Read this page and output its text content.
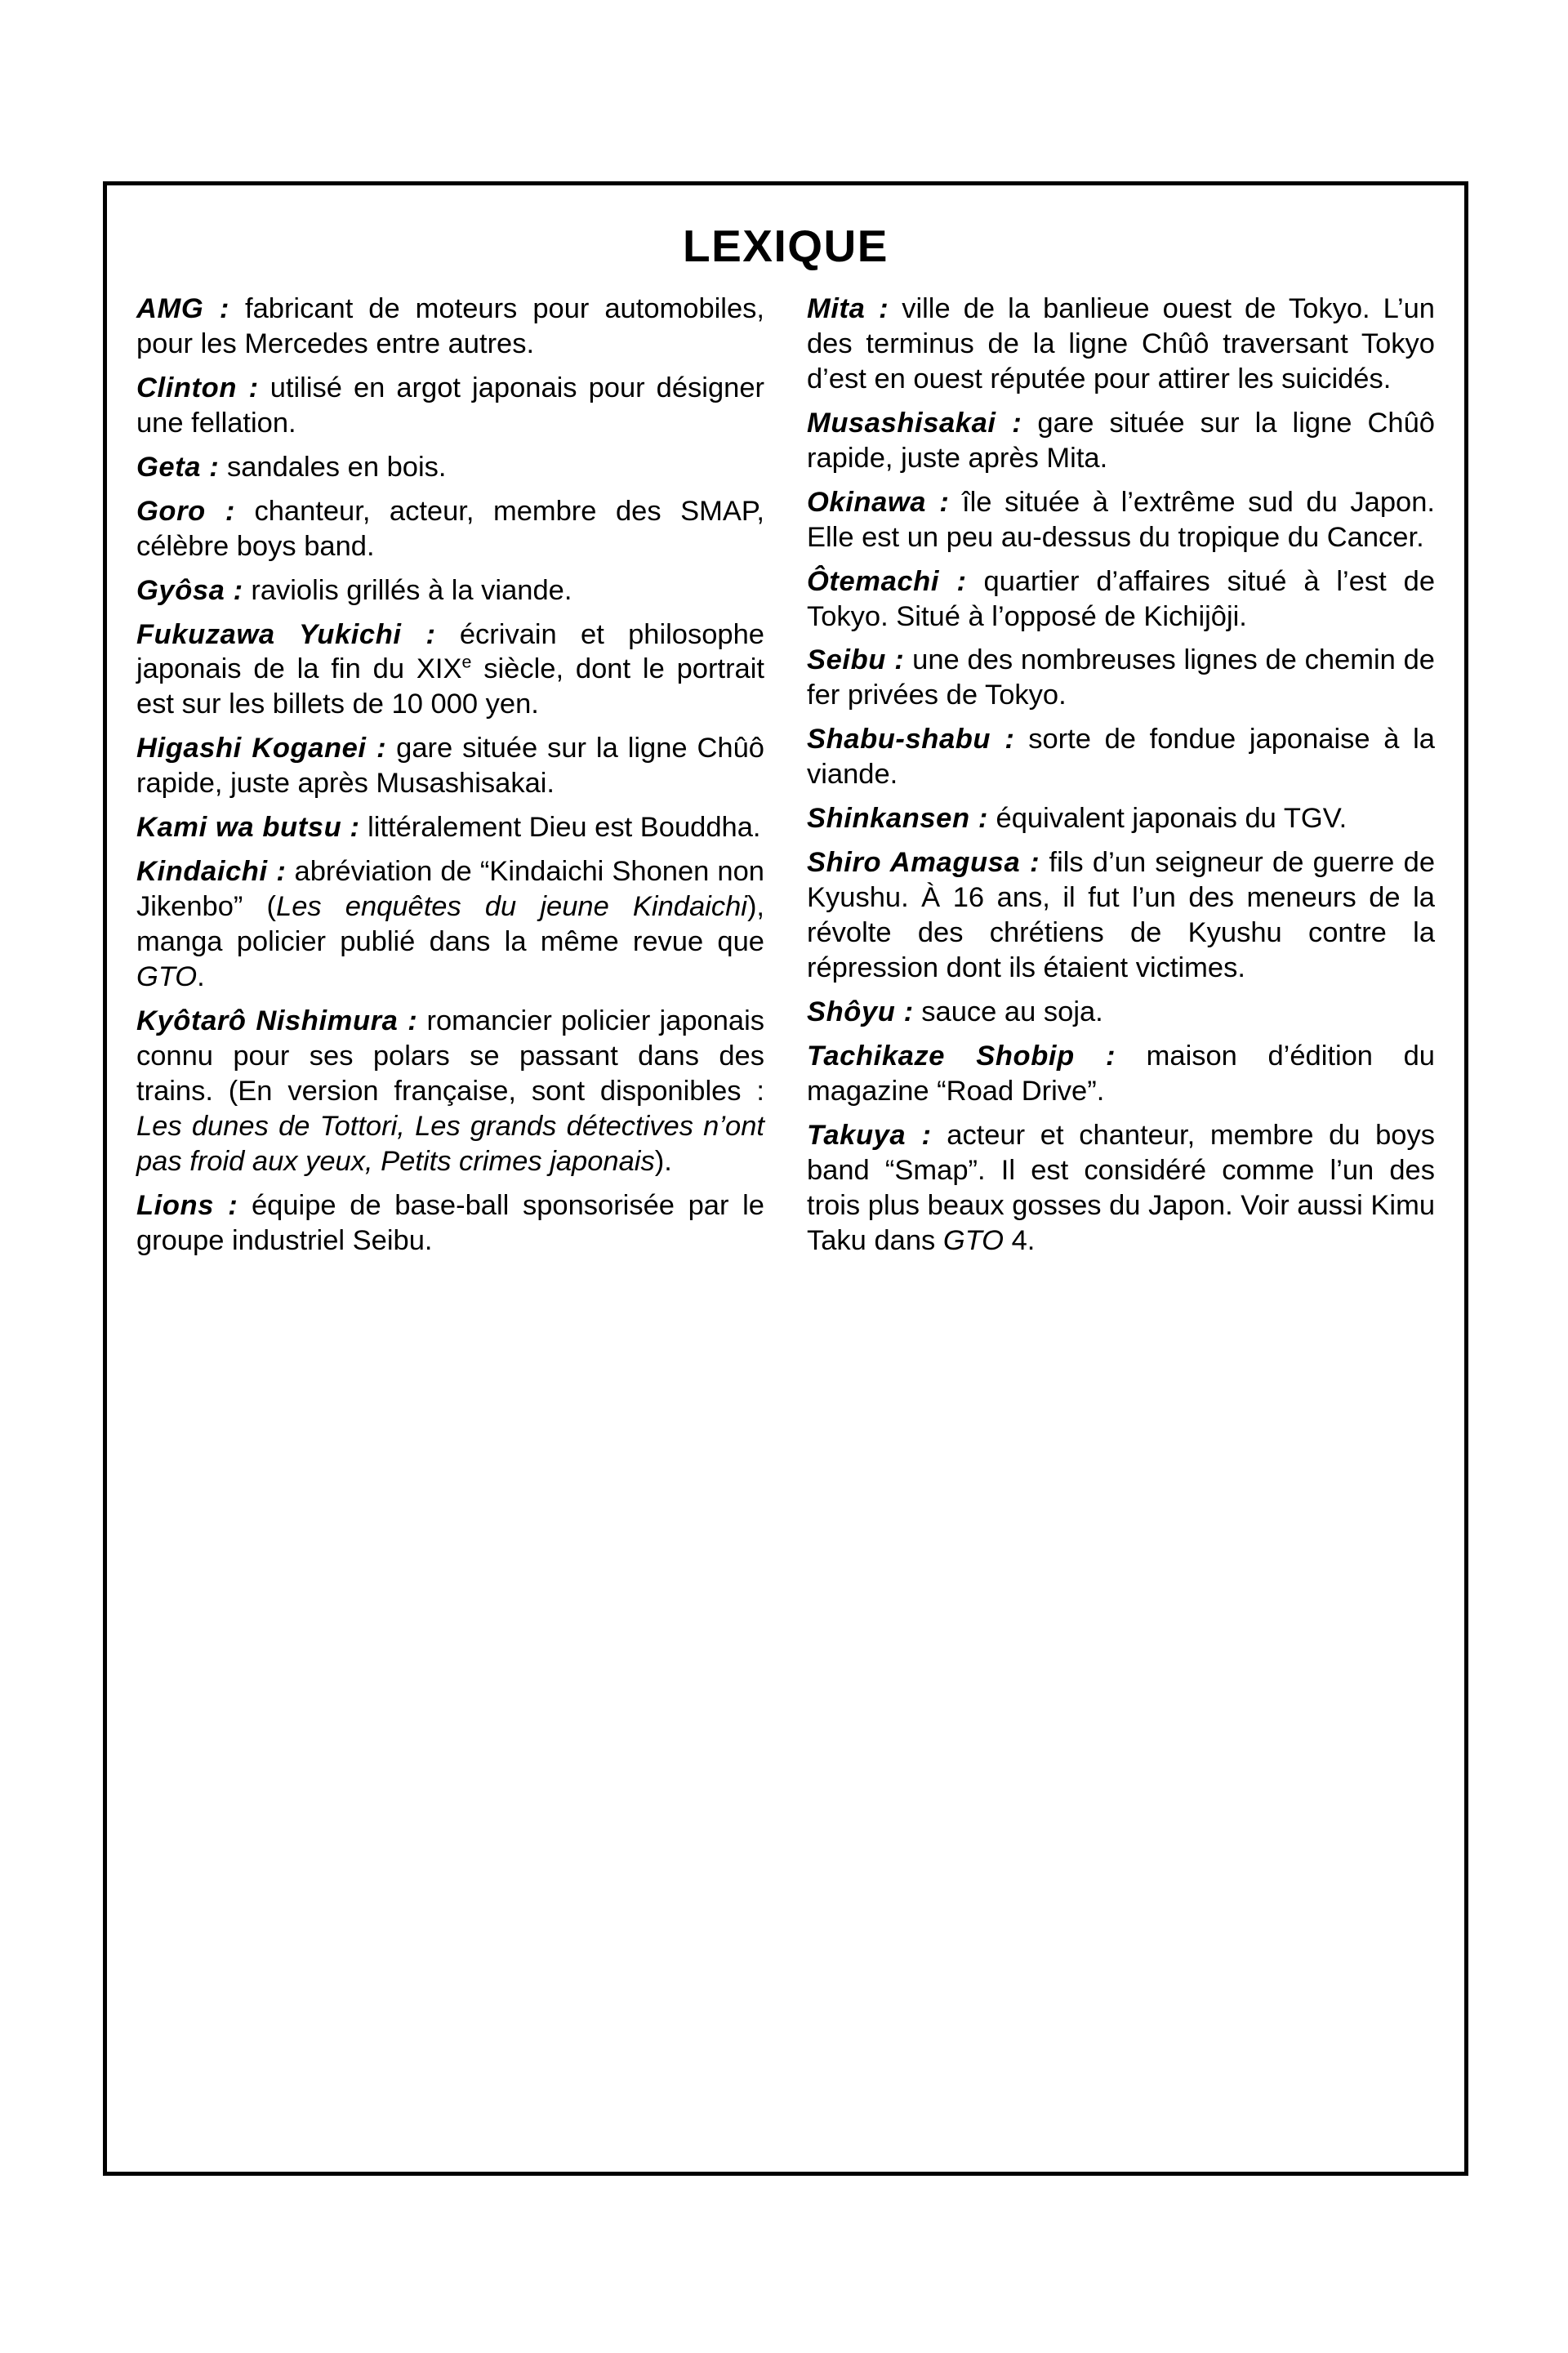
LEXIQUE

AMG : fabricant de moteurs pour automobiles, pour les Mercedes entre autres.

Clinton : utilisé en argot japonais pour désigner une fellation.

Geta : sandales en bois.

Goro : chanteur, acteur, membre des SMAP, célèbre boys band.

Gyôsa : raviolis grillés à la viande.

Fukuzawa Yukichi : écrivain et philosophe japonais de la fin du XIXe siècle, dont le portrait est sur les billets de 10 000 yen.

Higashi Koganei : gare située sur la ligne Chûô rapide, juste après Musashisakai.

Kami wa butsu : littéralement Dieu est Bouddha.

Kindaichi : abréviation de “Kindaichi Shonen non Jikenbo” (Les enquêtes du jeune Kindaichi), manga policier publié dans la même revue que GTO.

Kyôtarô Nishimura : romancier policier japonais connu pour ses polars se passant dans des trains. (En version française, sont disponibles : Les dunes de Tottori, Les grands détectives n’ont pas froid aux yeux, Petits crimes japonais).

Lions : équipe de base-ball sponsorisée par le groupe industriel Seibu.

Mita : ville de la banlieue ouest de Tokyo. L’un des terminus de la ligne Chûô traversant Tokyo d’est en ouest réputée pour attirer les suicidés.

Musashisakai : gare située sur la ligne Chûô rapide, juste après Mita.

Okinawa : île située à l’extrême sud du Japon. Elle est un peu au-dessus du tropique du Cancer.

Ôtemachi : quartier d’affaires situé à l’est de Tokyo. Situé à l’opposé de Kichijôji.

Seibu : une des nombreuses lignes de chemin de fer privées de Tokyo.

Shabu-shabu : sorte de fondue japonaise à la viande.

Shinkansen : équivalent japonais du TGV.

Shiro Amagusa : fils d’un seigneur de guerre de Kyushu. À 16 ans, il fut l’un des meneurs de la révolte des chrétiens de Kyushu contre la répression dont ils étaient victimes.

Shôyu : sauce au soja.

Tachikaze Shobip : maison d’édition du magazine “Road Drive”.

Takuya : acteur et chanteur, membre du boys band “Smap”. Il est considéré comme l’un des trois plus beaux gosses du Japon. Voir aussi Kimu Taku dans GTO 4.
